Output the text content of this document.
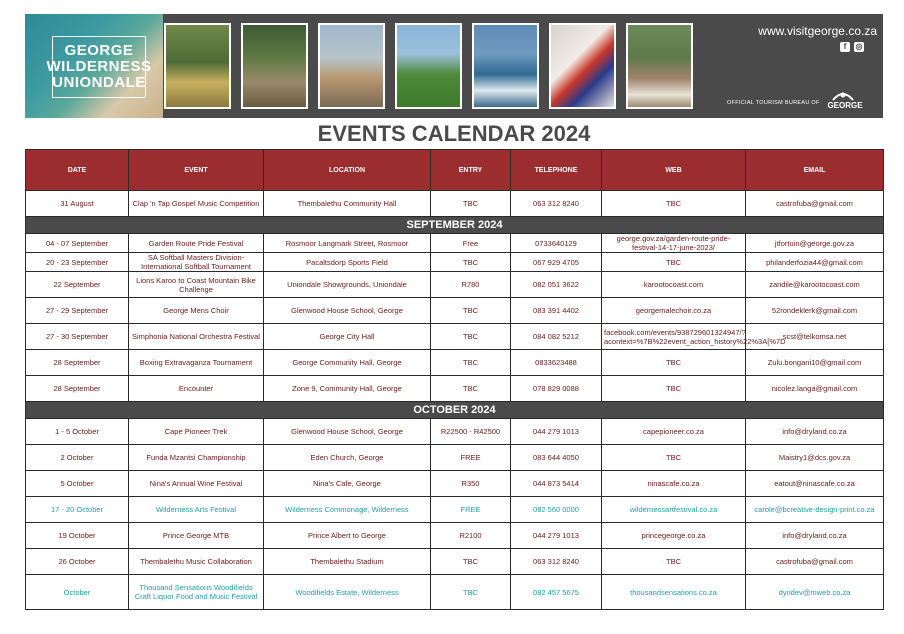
GEORGE
WILDERNESS
UNIONDALE
www.visitgeorge.co.za
f	◎
OFFICIAL TOURISM BUREAU OF GEORGE
EVENTS CALENDAR 2024
DATE	EVENT	LOCATION	ENTRY	TELEPHONE	WEB	EMAIL
31 August	Clap 'n Tap Gospel Music Competition	Thembalethu Community Hall	TBC	063 312 8240	TBC	castrofuba@gmail.com
SEPTEMBER 2024						
04 - 07 September	Garden Route Pride Festival	Rosmoor Langmark Street, Rosmoor	Free	0733640129	george.gov.za/garden-route-pride-festival-14-17-june-2023/	jtfortuin@george.gov.za
20 - 23 September	SA Softball Masters Division-International Softball Tournament	Pacaltsdorp Sports Field	TBC	067 929 4705	TBC	philanderfozia44@gmail.com
22 September	Lions Karoo to Coast Mountain Bike Challenge	Uniondale Showgrounds, Uniondale	R780	082 051 3622	karootocoast.com	zandile@karootocoast.com
27 - 29 September	George Mens Choir	Glenwood House School, George	TBC	083 391 4402	georgemalechoir.co.za	52rondeklerk@gmail.com
27 - 30 September	Simphonia National Orchestra Festival	George City Hall	TBC	084 082 5212	facebook.com/events/938729601324947/?acontext=%7B%22event_action_history%22%3A[%7D	scst@telkomsa.net
28 September	Boxing Extravaganza Tournament	George Community Hall, George	TBC	0833623488	TBC	Zulu.bongani10@gmail.com
28 September	Encounter	Zone 9, Community Hall, George	TBC	078 829 0088	TBC	nicolez.langa@gmail.com
OCTOBER 2024						
1 - 5 October	Cape Pioneer Trek	Glenwood House School, George	R22500 - R42500	044 279 1013	capepioneer.co.za	info@dryland.co.za
2 October	Funda Mzantsi Championship	Eden Church, George	FREE	083 644 4050	TBC	Maistry1@dcs.gov.za
5 October	Nina's Annual Wine Festival	Nina's Cafe, George	R350	044 873 5414	ninascafe.co.za	eatout@ninascafe.co.za
17 - 20 October	Wilderness Arts Festival	Wilderness Commonage, Wilderness	FREE	082 560 0000	wildernessartfestival.co.za	carole@bcreative-design-print.co.za
19 October	Prince George MTB	Prince Albert to George	R2100	044 279 1013	princegeorge.co.za	info@dryland.co.za
26 October	Thembalethu Music Collaboration	Thembalethu Stadium	TBC	063 312 8240	TBC	castrofuba@gmail.com
October	Thousand Sensations Woodifields Craft Liquor Food and Music Festival	Woodifields Estate, Wilderness	TBC	082 457 5675	thousandsensations.co.za	dyndev@mweb.co.za
